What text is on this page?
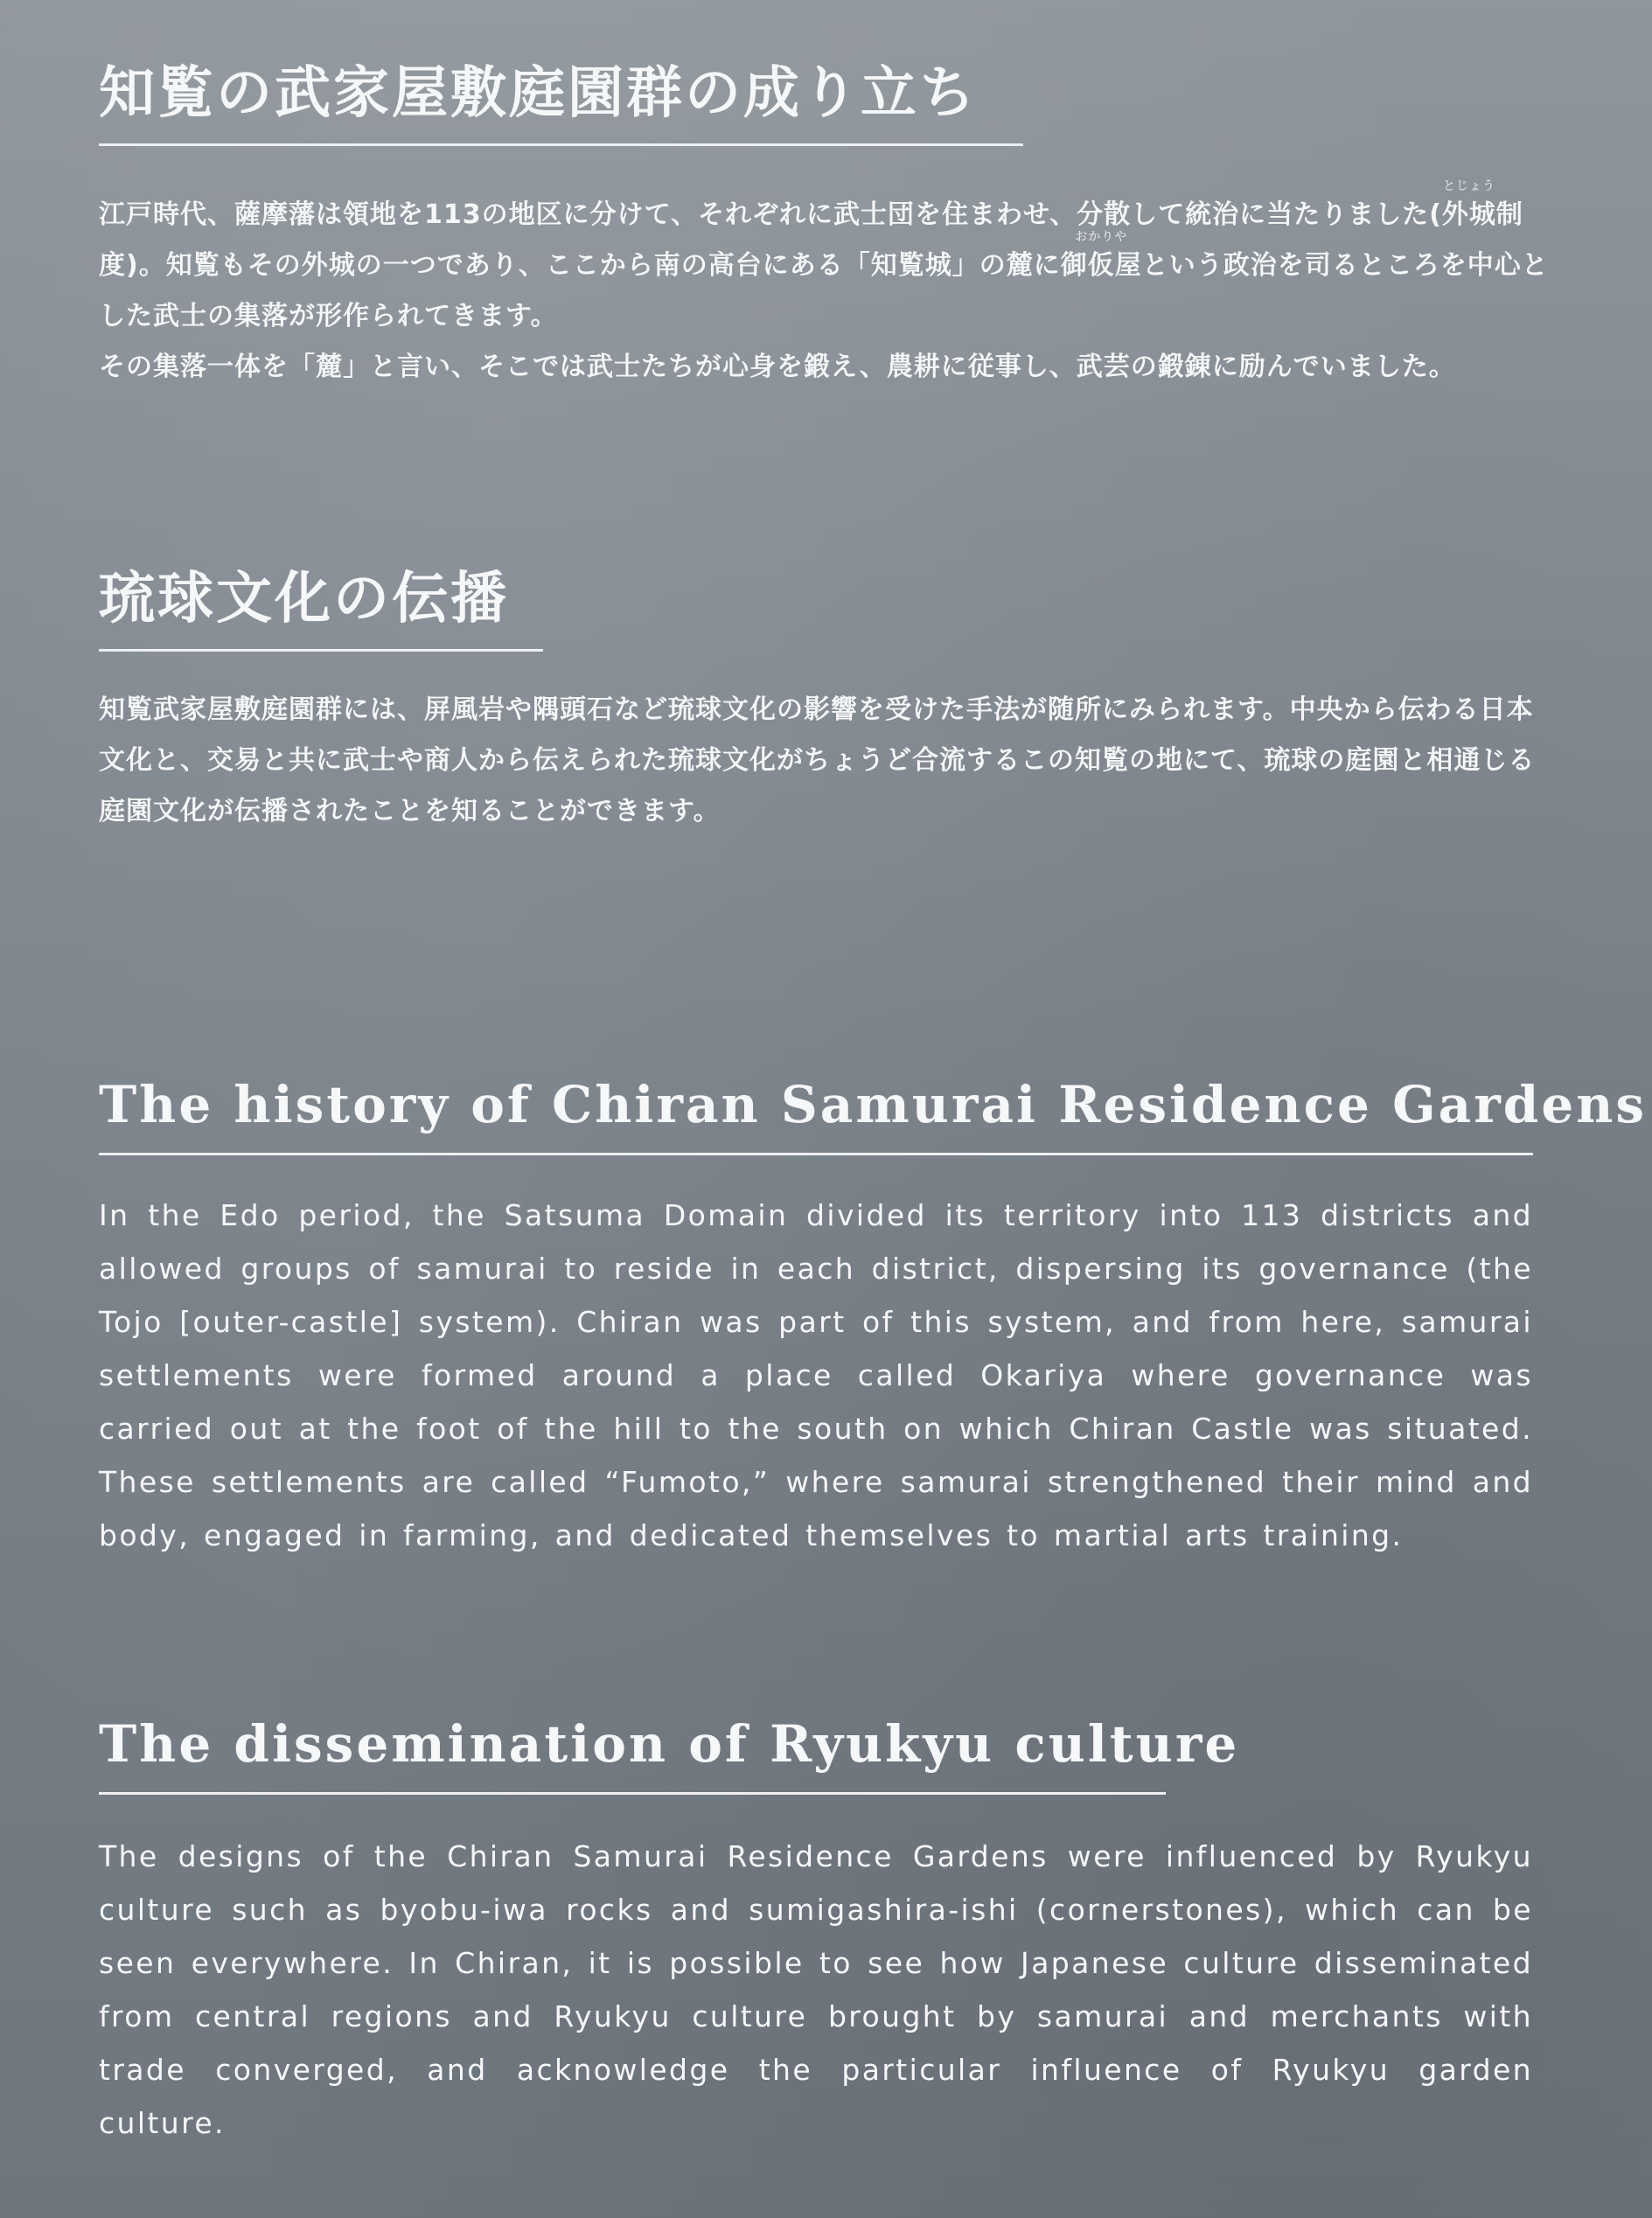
知覧の武家屋敷庭園群の成り立ち

江戸時代、薩摩藩は領地を113の地区に分けて、それぞれに武士団を住まわせ、分散して統治に当たりました(
とじょう
外城制度)。知覧もその外城の一つであり、ここから南の高台にある「知覧城」の麓に
おかりや
御仮屋という政治を司るところを中心とした武士の集落が形作られてきます。

その集落一体を「麓」と言い、そこでは武士たちが心身を鍛え、農耕に従事し、武芸の鍛錬に励んでいました。

琉球文化の伝播
知覧武家屋敷庭園群には、屏風岩や隅頭石など琉球文化の影響を受けた手法が随所にみられます。中央から伝わる日本文化と、交易と共に武士や商人から伝えられた琉球文化がちょうど合流するこの知覧の地にて、琉球の庭園と相通じる庭園文化が伝播されたことを知ることができます。
The history of Chiran Samurai Residence Gardens
In the Edo period, the Satsuma Domain divided its territory into 113 districts and allowed groups of samurai to reside in each district, dispersing its governance (the Tojo [outer-castle] system). Chiran was part of this system, and from here, samurai settlements were formed around a place called Okariya where governance was carried out at the foot of the hill to the south on which Chiran Castle was situated. These settlements are called “Fumoto,” where samurai strengthened their mind and body, engaged in farming, and dedicated themselves to martial arts training.
The dissemination of Ryukyu culture
The designs of the Chiran Samurai Residence Gardens were influenced by Ryukyu culture such as byobu-iwa rocks and sumigashira-ishi (cornerstones), which can be seen everywhere. In Chiran, it is possible to see how Japanese culture disseminated from central regions and Ryukyu culture brought by samurai and merchants with trade converged, and acknowledge the particular influence of Ryukyu garden culture.
